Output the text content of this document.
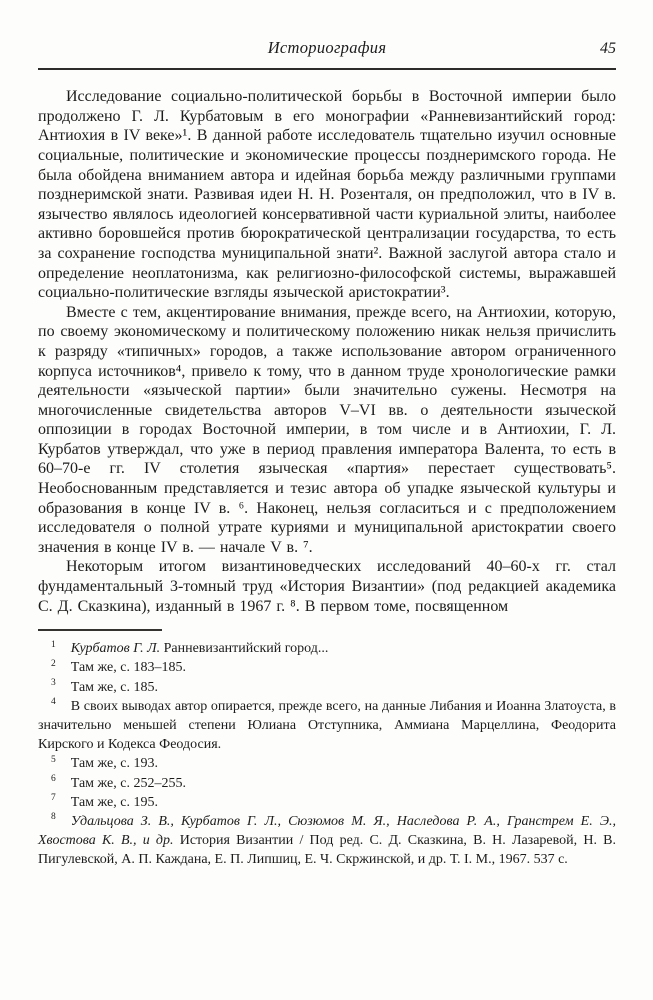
Историография	45

Исследование социально-политической борьбы в Восточной империи было продолжено Г. Л. Курбатовым в его монографии «Ранневизантийский город: Антиохия в IV веке»¹. В данной работе исследователь тщательно изучил основные социальные, политические и экономические процессы позднеримского города. Не была обойдена вниманием автора и идейная борьба между различными группами позднеримской знати. Развивая идеи Н. Н. Розенталя, он предположил, что в IV в. язычество являлось идеологией консервативной части куриальной элиты, наиболее активно боровшейся против бюрократической централизации государства, то есть за сохранение господства муниципальной знати². Важной заслугой автора стало и определение неоплатонизма, как религиозно-философской системы, выражавшей социально-политические взгляды языческой аристократии³.

Вместе с тем, акцентирование внимания, прежде всего, на Антиохии, которую, по своему экономическому и политическому положению никак нельзя причислить к разряду «типичных» городов, а также использование автором ограниченного корпуса источников⁴, привело к тому, что в данном труде хронологические рамки деятельности «языческой партии» были значительно сужены. Несмотря на многочисленные свидетельства авторов V–VI вв. о деятельности языческой оппозиции в городах Восточной империи, в том числе и в Антиохии, Г. Л. Курбатов утверждал, что уже в период правления императора Валента, то есть в 60–70-е гг. IV столетия языческая «партия» перестает существовать⁵. Необоснованным представляется и тезис автора об упадке языческой культуры и образования в конце IV в. ⁶. Наконец, нельзя согласиться и с предположением исследователя о полной утрате куриями и муниципальной аристократии своего значения в конце IV в. — начале V в. ⁷.

Некоторым итогом византиноведческих исследований 40–60-х гг. стал фундаментальный 3-томный труд «История Византии» (под редакцией академика С. Д. Сказкина), изданный в 1967 г. ⁸. В первом томе, посвященном

$^1$ Курбатов Г. Л. Ранневизантийский город...

$^2$ Там же, с. 183–185.

$^3$ Там же, с. 185.

$^4$ В своих выводах автор опирается, прежде всего, на данные Либания и Иоанна Златоуста, в значительно меньшей степени Юлиана Отступника, Аммиана Марцеллина, Феодорита Кирского и Кодекса Феодосия.

$^5$ Там же, с. 193.

$^6$ Там же, с. 252–255.

$^7$ Там же, с. 195.

$^8$ Удальцова З. В., Курбатов Г. Л., Сюзюмов М. Я., Наследова Р. А., Гранстрем Е. Э., Хвостова К. В., и др. История Византии / Под ред. С. Д. Сказкина, В. Н. Лазаревой, Н. В. Пигулевской, А. П. Каждана, Е. П. Липшиц, Е. Ч. Скржинской, и др. Т. I. М., 1967. 537 с.
